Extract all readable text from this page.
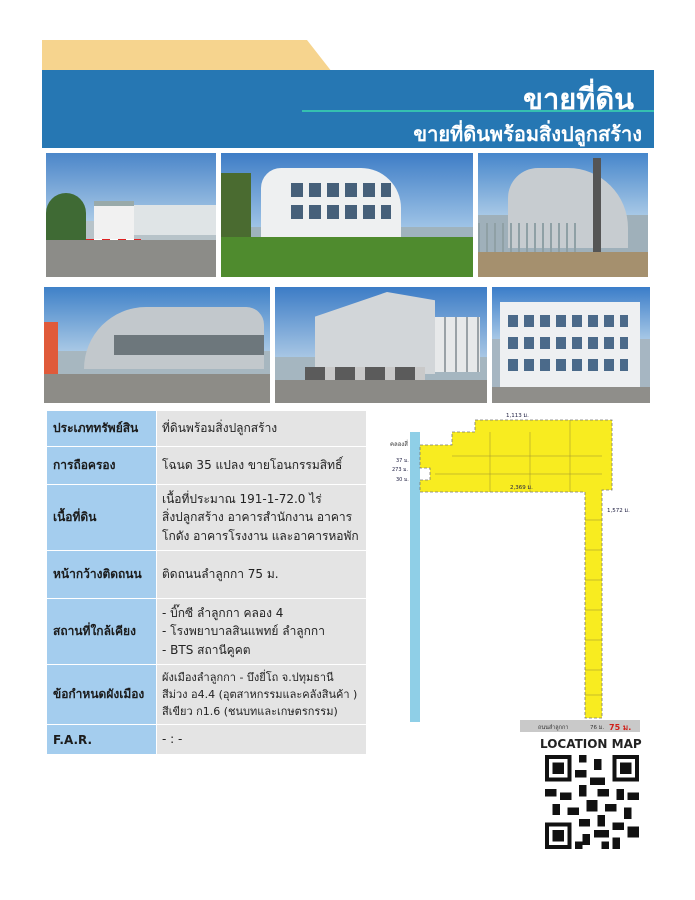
ขายที่ดิน
ขายที่ดินพร้อมสิ่งปลูกสร้าง
ประเภททรัพย์สิน	ที่ดินพร้อมสิ่งปลูกสร้าง

การถือครอง	โฉนด 35 แปลง ขายโอนกรรมสิทธิ์

เนื้อที่ดิน	เนื้อที่ประมาณ 191-1-72.0 ไร่
สิ่งปลูกสร้าง อาคารสำนักงาน อาคาร
โกดัง อาคารโรงงาน และอาคารหอพัก

หน้ากว้างติดถนน	ติดถนนลำลูกกา 75 ม.

สถานที่ใกล้เคียง	- บิ๊กซี ลำลูกกา คลอง 4
- โรงพยาบาลสินแพทย์ ลำลูกกา
- BTS สถานีคูคต

ข้อกำหนดผังเมือง	ผังเมืองลำลูกกา - บึงยี่โถ จ.ปทุมธานี
สีม่วง อ4.4 (อุตสาหกรรมและคลังสินค้า )
สีเขียว ก1.6 (ชนบทและเกษตรกรรม)

F.A.R.	- : -
คลองสี่
1,113 ม.
37 ม.
273 ม.
30 ม.
2,369 ม.
1,572 ม.
ถนนลำลูกกา	76 ม. 75 ม.
LOCATION MAP
